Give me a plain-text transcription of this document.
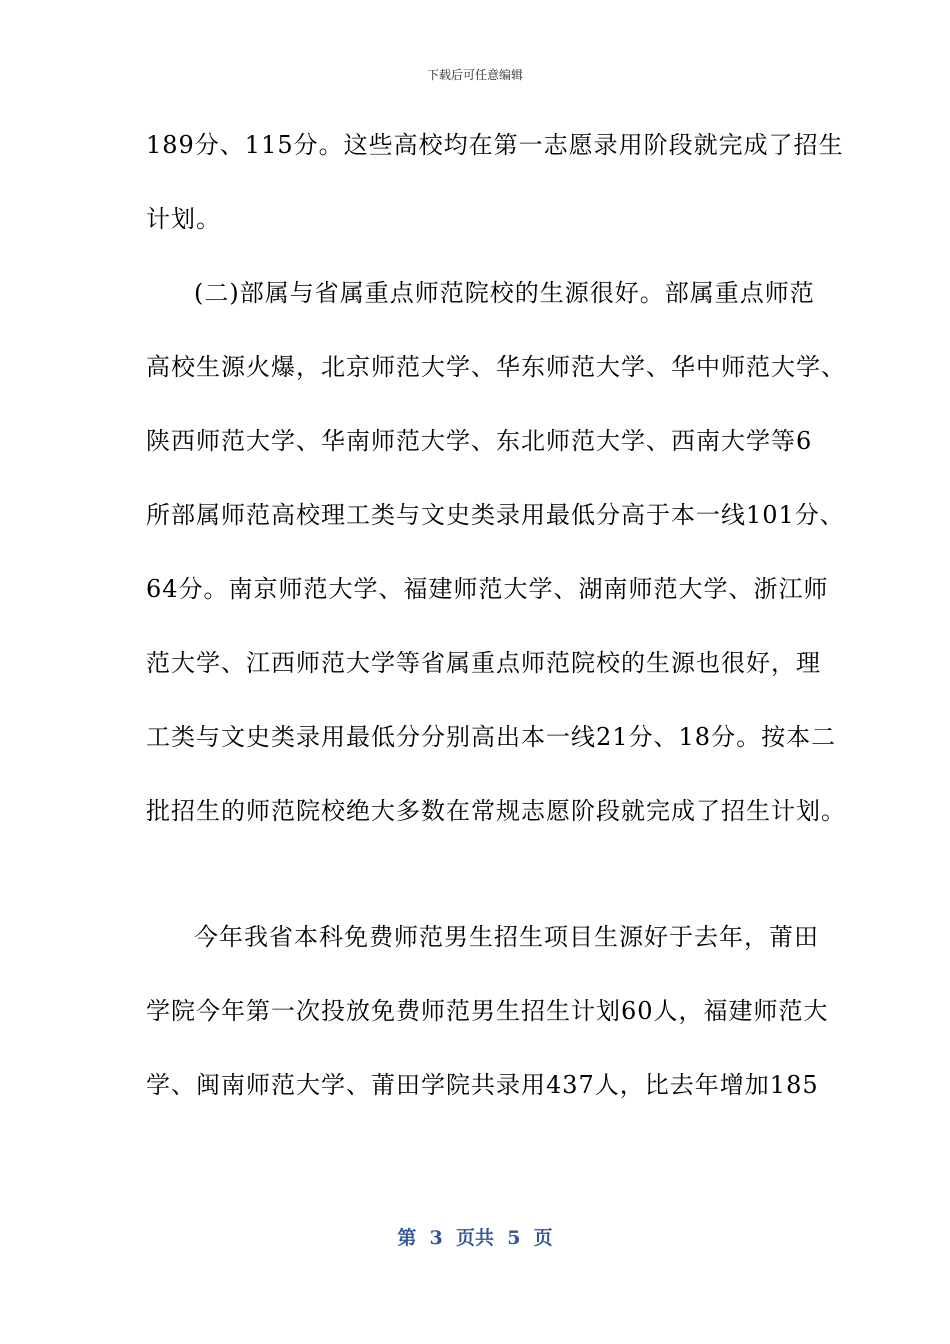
下载后可任意编辑
189分、115分。这些高校均在第一志愿录用阶段就完成了招生
计划。
(二)部属与省属重点师范院校的生源很好。部属重点师范
高校生源火爆，北京师范大学、华东师范大学、华中师范大学、
陕西师范大学、华南师范大学、东北师范大学、西南大学等6
所部属师范高校理工类与文史类录用最低分高于本一线101分、
64分。南京师范大学、福建师范大学、湖南师范大学、浙江师
范大学、江西师范大学等省属重点师范院校的生源也很好，理
工类与文史类录用最低分分别高出本一线21分、18分。按本二
批招生的师范院校绝大多数在常规志愿阶段就完成了招生计划。
今年我省本科免费师范男生招生项目生源好于去年，莆田
学院今年第一次投放免费师范男生招生计划60人，福建师范大
学、闽南师范大学、莆田学院共录用437人，比去年增加185
第  3  页共  5  页
